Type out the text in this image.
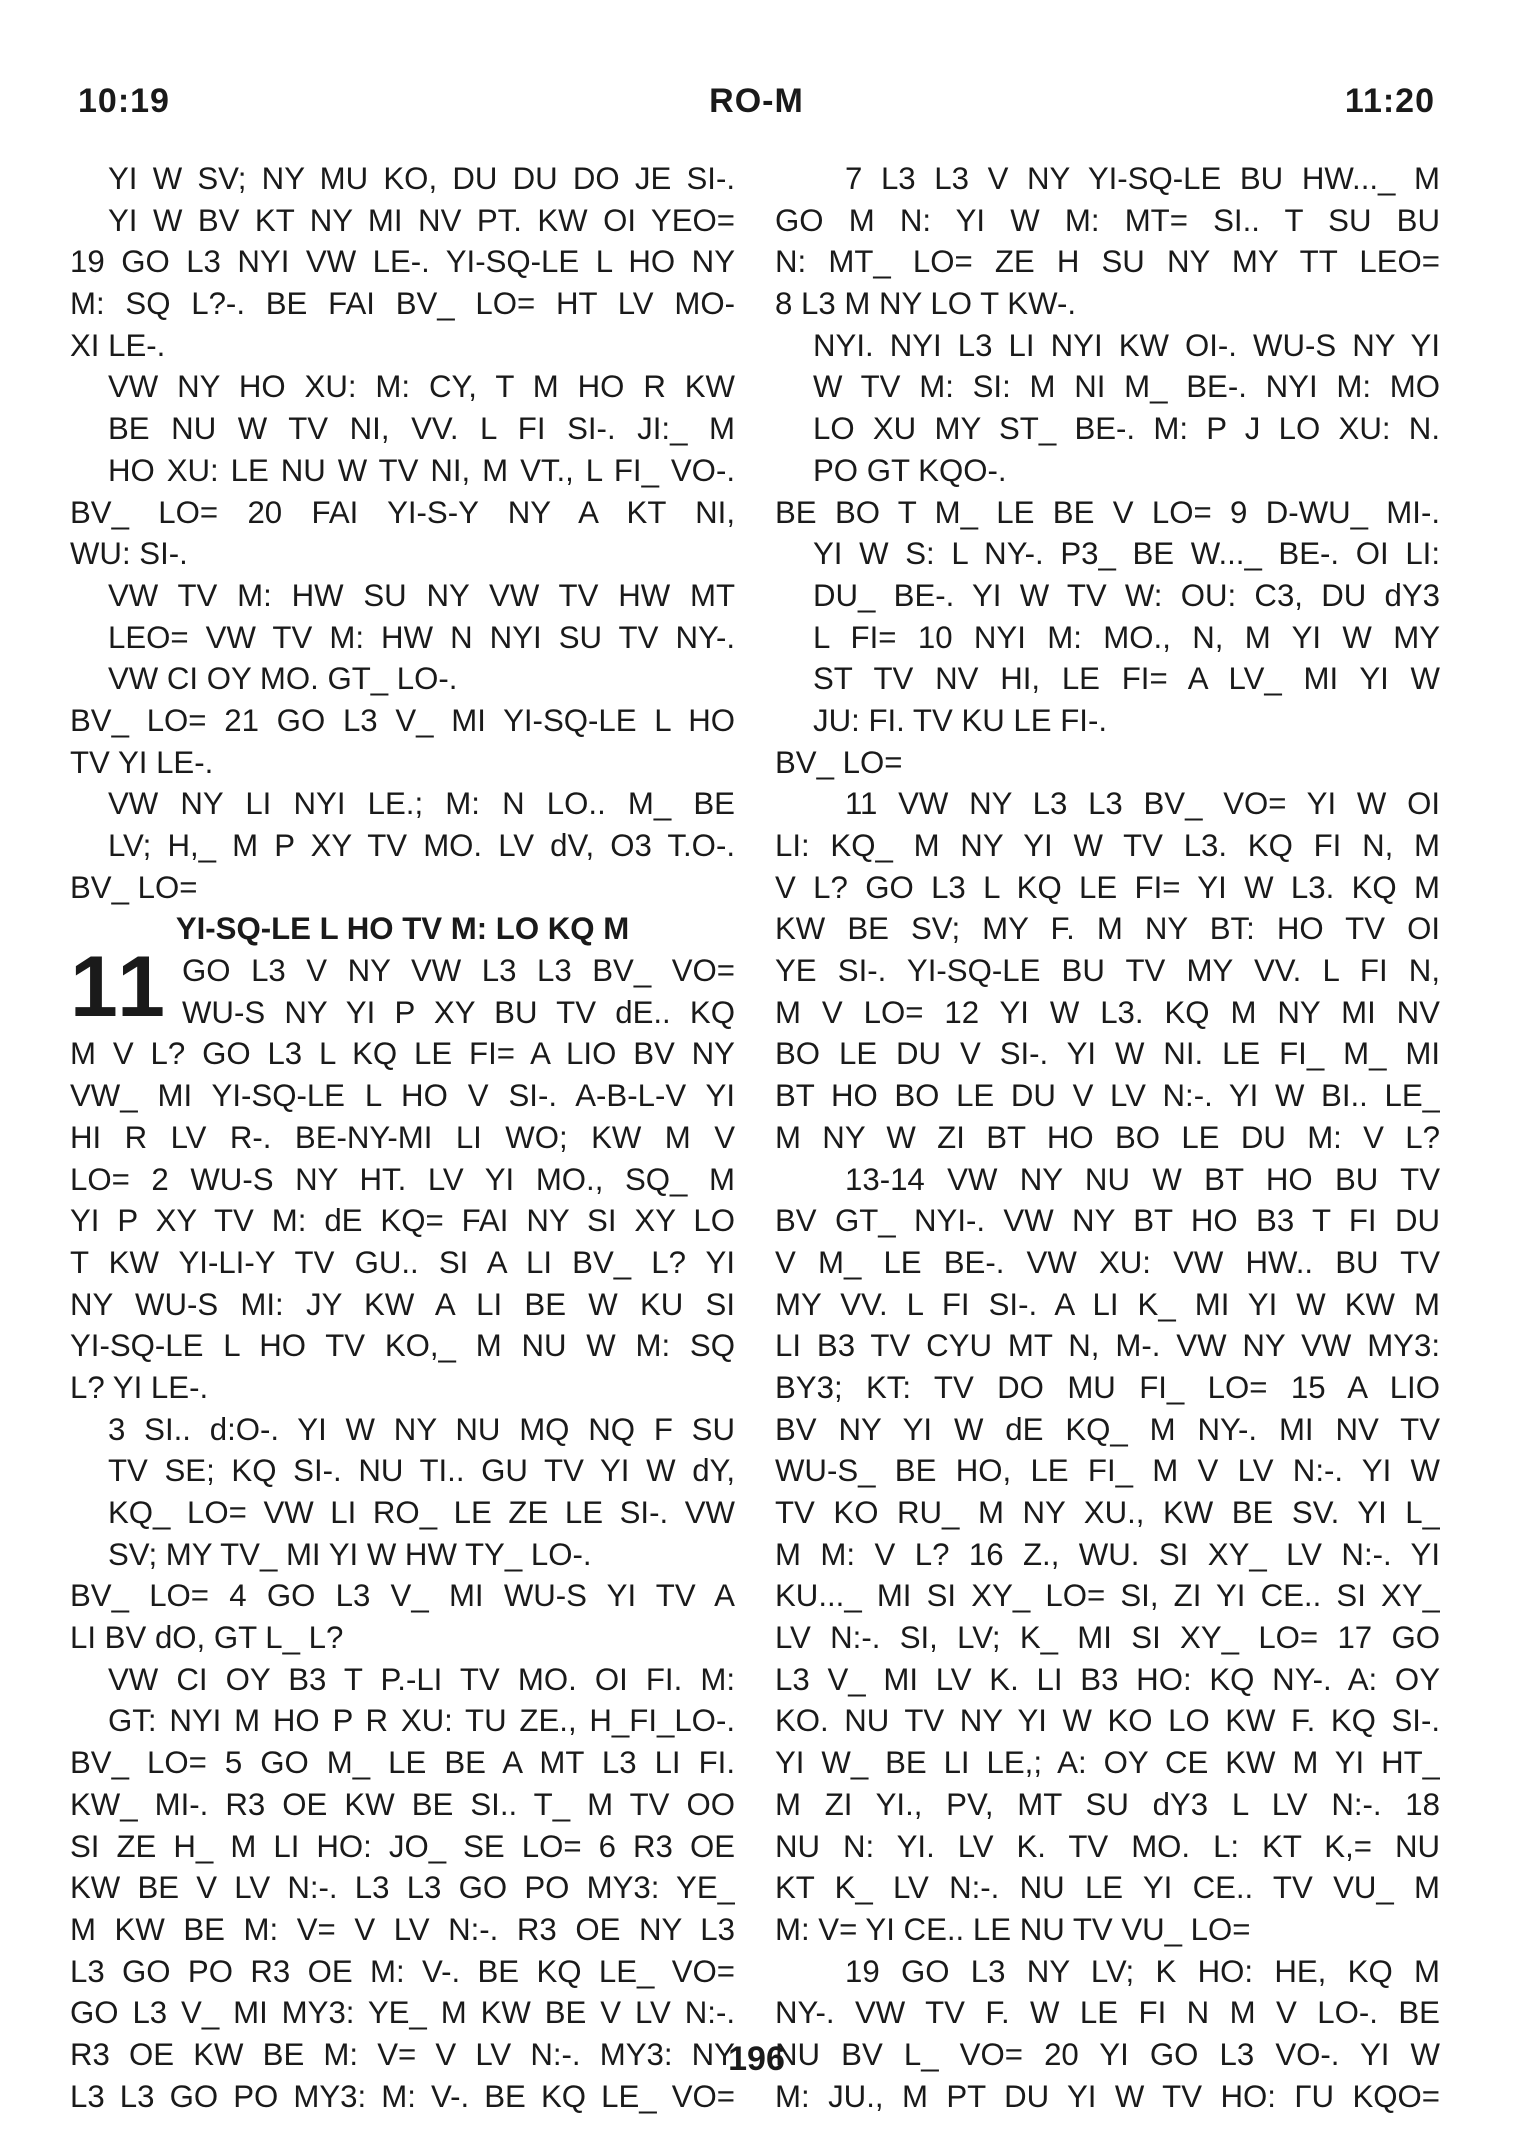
10:19	RO-M	11:20
YI W SV; NY MU KO, DU DU DO JE SI-.
YI W BV KT NY MI NV PT. KW OI YEO=
19 GO L3 NYI VW LE-. YI-SQ-LE L HO NY
M: SQ L?-. BE FAI BV_ LO= HT LV MO-
XI LE-.
VW NY HO XU: M: CY, T M HO R KW
BE NU W TV NI, VV. L FI SI-. JI:_ M
HO XU: LE NU W TV NI, M VT., L FI_ VO-.
BV_ LO= 20 FAI YI-S-Y NY A KT NI,
WU: SI-.
VW TV M: HW SU NY VW TV HW MT
LEO= VW TV M: HW N NYI SU TV NY-.
VW CI OY MO. GT_ LO-.
BV_ LO= 21 GO L3 V_ MI YI-SQ-LE L HO
TV YI LE-.
VW NY LI NYI LE.; M: N LO.. M_ BE
LV; H,_ M P XY TV MO. LV dV, O3 T.O-.
BV_ LO=
YI-SQ-LE L HO TV M: LO KQ M
11 GO L3 V NY VW L3 L3 BV_ VO=
WU-S NY YI P XY BU TV dE.. KQ
M V L? GO L3 L KQ LE FI= A LIO BV NY
VW_ MI YI-SQ-LE L HO V SI-. A-B-L-V YI
HI R LV R-. BE-NY-MI LI WO; KW M V
LO= 2 WU-S NY HT. LV YI MO., SQ_ M
YI P XY TV M: dE KQ= FAI NY SI XY LO
T KW YI-LI-Y TV GU.. SI A LI BV_ L? YI
NY WU-S MI: JY KW A LI BE W KU SI
YI-SQ-LE L HO TV KO,_ M NU W M: SQ
L? YI LE-.
3 SI.. d:O-. YI W NY NU MQ NQ F SU
TV SE; KQ SI-. NU TI.. GU TV YI W dY,
KQ_ LO= VW LI RO_ LE ZE LE SI-. VW
SV; MY TV_ MI YI W HW TY_ LO-.
BV_ LO= 4 GO L3 V_ MI WU-S YI TV A
LI BV dO, GT L_ L?
VW CI OY B3 T P.-LI TV MO. OI FI. M:
GT: NYI M HO P R XU: TU ZE., H_FI_LO-.
BV_ LO= 5 GO M_ LE BE A MT L3 LI FI.
KW_ MI-. R3 OE KW BE SI.. T_ M TV OO
SI ZE H_ M LI HO: JO_ SE LO= 6 R3 OE
KW BE V LV N:-. L3 L3 GO PO MY3: YE_
M KW BE M: V= V LV N:-. R3 OE NY L3
L3 GO PO R3 OE M: V-. BE KQ LE_ VO=
GO L3 V_ MI MY3: YE_ M KW BE V LV N:-.
R3 OE KW BE M: V= V LV N:-. MY3: NY
L3 L3 GO PO MY3: M: V-. BE KQ LE_ VO=
7 L3 L3 V NY YI-SQ-LE BU HW..._ M
GO M N: YI W M: MT= SI.. T SU BU
N: MT_ LO= ZE H SU NY MY TT LEO=
8 L3 M NY LO T KW-.
NYI. NYI L3 LI NYI KW OI-. WU-S NY YI
W TV M: SI: M NI M_ BE-. NYI M: MO
LO XU MY ST_ BE-. M: P J LO XU: N.
PO GT KQO-.
BE BO T M_ LE BE V LO= 9 D-WU_ MI-.
YI W S: L NY-. P3_ BE W..._ BE-. OI LI:
DU_ BE-. YI W TV W: OU: C3, DU dY3
L FI= 10 NYI M: MO., N, M YI W MY
ST TV NV HI, LE FI= A LV_ MI YI W
JU: FI. TV KU LE FI-.
BV_ LO=
11 VW NY L3 L3 BV_ VO= YI W OI
LI: KQ_ M NY YI W TV L3. KQ FI N, M
V L? GO L3 L KQ LE FI= YI W L3. KQ M
KW BE SV; MY F. M NY BT: HO TV OI
YE SI-. YI-SQ-LE BU TV MY VV. L FI N,
M V LO= 12 YI W L3. KQ M NY MI NV
BO LE DU V SI-. YI W NI. LE FI_ M_ MI
BT HO BO LE DU V LV N:-. YI W BI.. LE_
M NY W ZI BT HO BO LE DU M: V L?
13-14 VW NY NU W BT HO BU TV
BV GT_ NYI-. VW NY BT HO B3 T FI DU
V M_ LE BE-. VW XU: VW HW.. BU TV
MY VV. L FI SI-. A LI K_ MI YI W KW M
LI B3 TV CYU MT N, M-. VW NY VW MY3:
BY3; KT: TV DO MU FI_ LO= 15 A LIO
BV NY YI W dE KQ_ M NY-. MI NV TV
WU-S_ BE HO, LE FI_ M V LV N:-. YI W
TV KO RU_ M NY XU., KW BE SV. YI L_
M M: V L? 16 Z., WU. SI XY_ LV N:-. YI
KU..._ MI SI XY_ LO= SI, ZI YI CE.. SI XY_
LV N:-. SI, LV; K_ MI SI XY_ LO= 17 GO
L3 V_ MI LV K. LI B3 HO: KQ NY-. A: OY
KO. NU TV NY YI W KO LO KW F. KQ SI-.
YI W_ BE LI LE,; A: OY CE KW M YI HT_
M ZI YI., PV, MT SU dY3 L LV N:-. 18
NU N: YI. LV K. TV MO. L: KT K,= NU
KT K_ LV N:-. NU LE YI CE.. TV VU_ M
M: V= YI CE.. LE NU TV VU_ LO=
19 GO L3 NY LV; K HO: HE, KQ M
NY-. VW TV F. W LE FI N M V LO-. BE
NU BV L_ VO= 20 YI GO L3 VO-. YI W
M: JU., M PT DU YI W TV HO: ΓU KQO=
196
